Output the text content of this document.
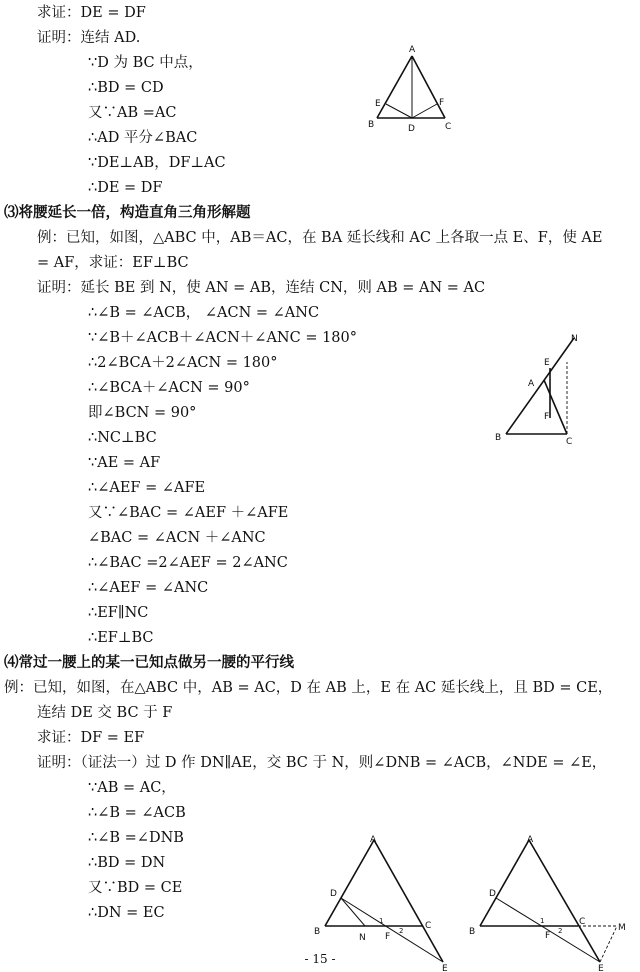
求证：DE = DF
证明：连结 AD.
∵D 为 BC 中点，
∴BD = CD
又∵AB =AC
∴AD 平分∠BAC
∵DE⊥AB，DF⊥AC
∴DE = DF
⑶将腰延长一倍，构造直角三角形解题
例：已知，如图，△ABC 中，AB＝AC，在 BA 延长线和 AC 上各取一点 E、F，使 AE
= AF，求证：EF⊥BC
证明：延长 BE 到 N，使 AN = AB，连结 CN，则 AB = AN = AC
∴∠B = ∠ACB， ∠ACN = ∠ANC
∵∠B＋∠ACB＋∠ACN＋∠ANC = 180°
∴2∠BCA＋2∠ACN = 180°
∴∠BCA＋∠ACN = 90°
即∠BCN = 90°
∴NC⊥BC
∵AE = AF
∴∠AEF = ∠AFE
又∵∠BAC = ∠AEF ＋∠AFE
∠BAC = ∠ACN ＋∠ANC
∴∠BAC =2∠AEF = 2∠ANC
∴∠AEF = ∠ANC
∴EF∥NC
∴EF⊥BC
⑷常过一腰上的某一已知点做另一腰的平行线
例：已知，如图，在△ABC 中，AB = AC，D 在 AB 上，E 在 AC 延长线上，且 BD = CE，
连结 DE 交 BC 于 F
求证：DF = EF
证明：（证法一）过 D 作 DN∥AE，交 BC 于 N，则∠DNB = ∠ACB，∠NDE = ∠E，
∵AB = AC，
∴∠B = ∠ACB
∴∠B =∠DNB
∴BD = DN
又∵BD = CE
∴DN = EC
A
E	F
B	D	C
N
E
A
F
B	C
A
D
B
C
N F
1
2
E
A
D
B
C
M
F
1
2
E
- 15 -
